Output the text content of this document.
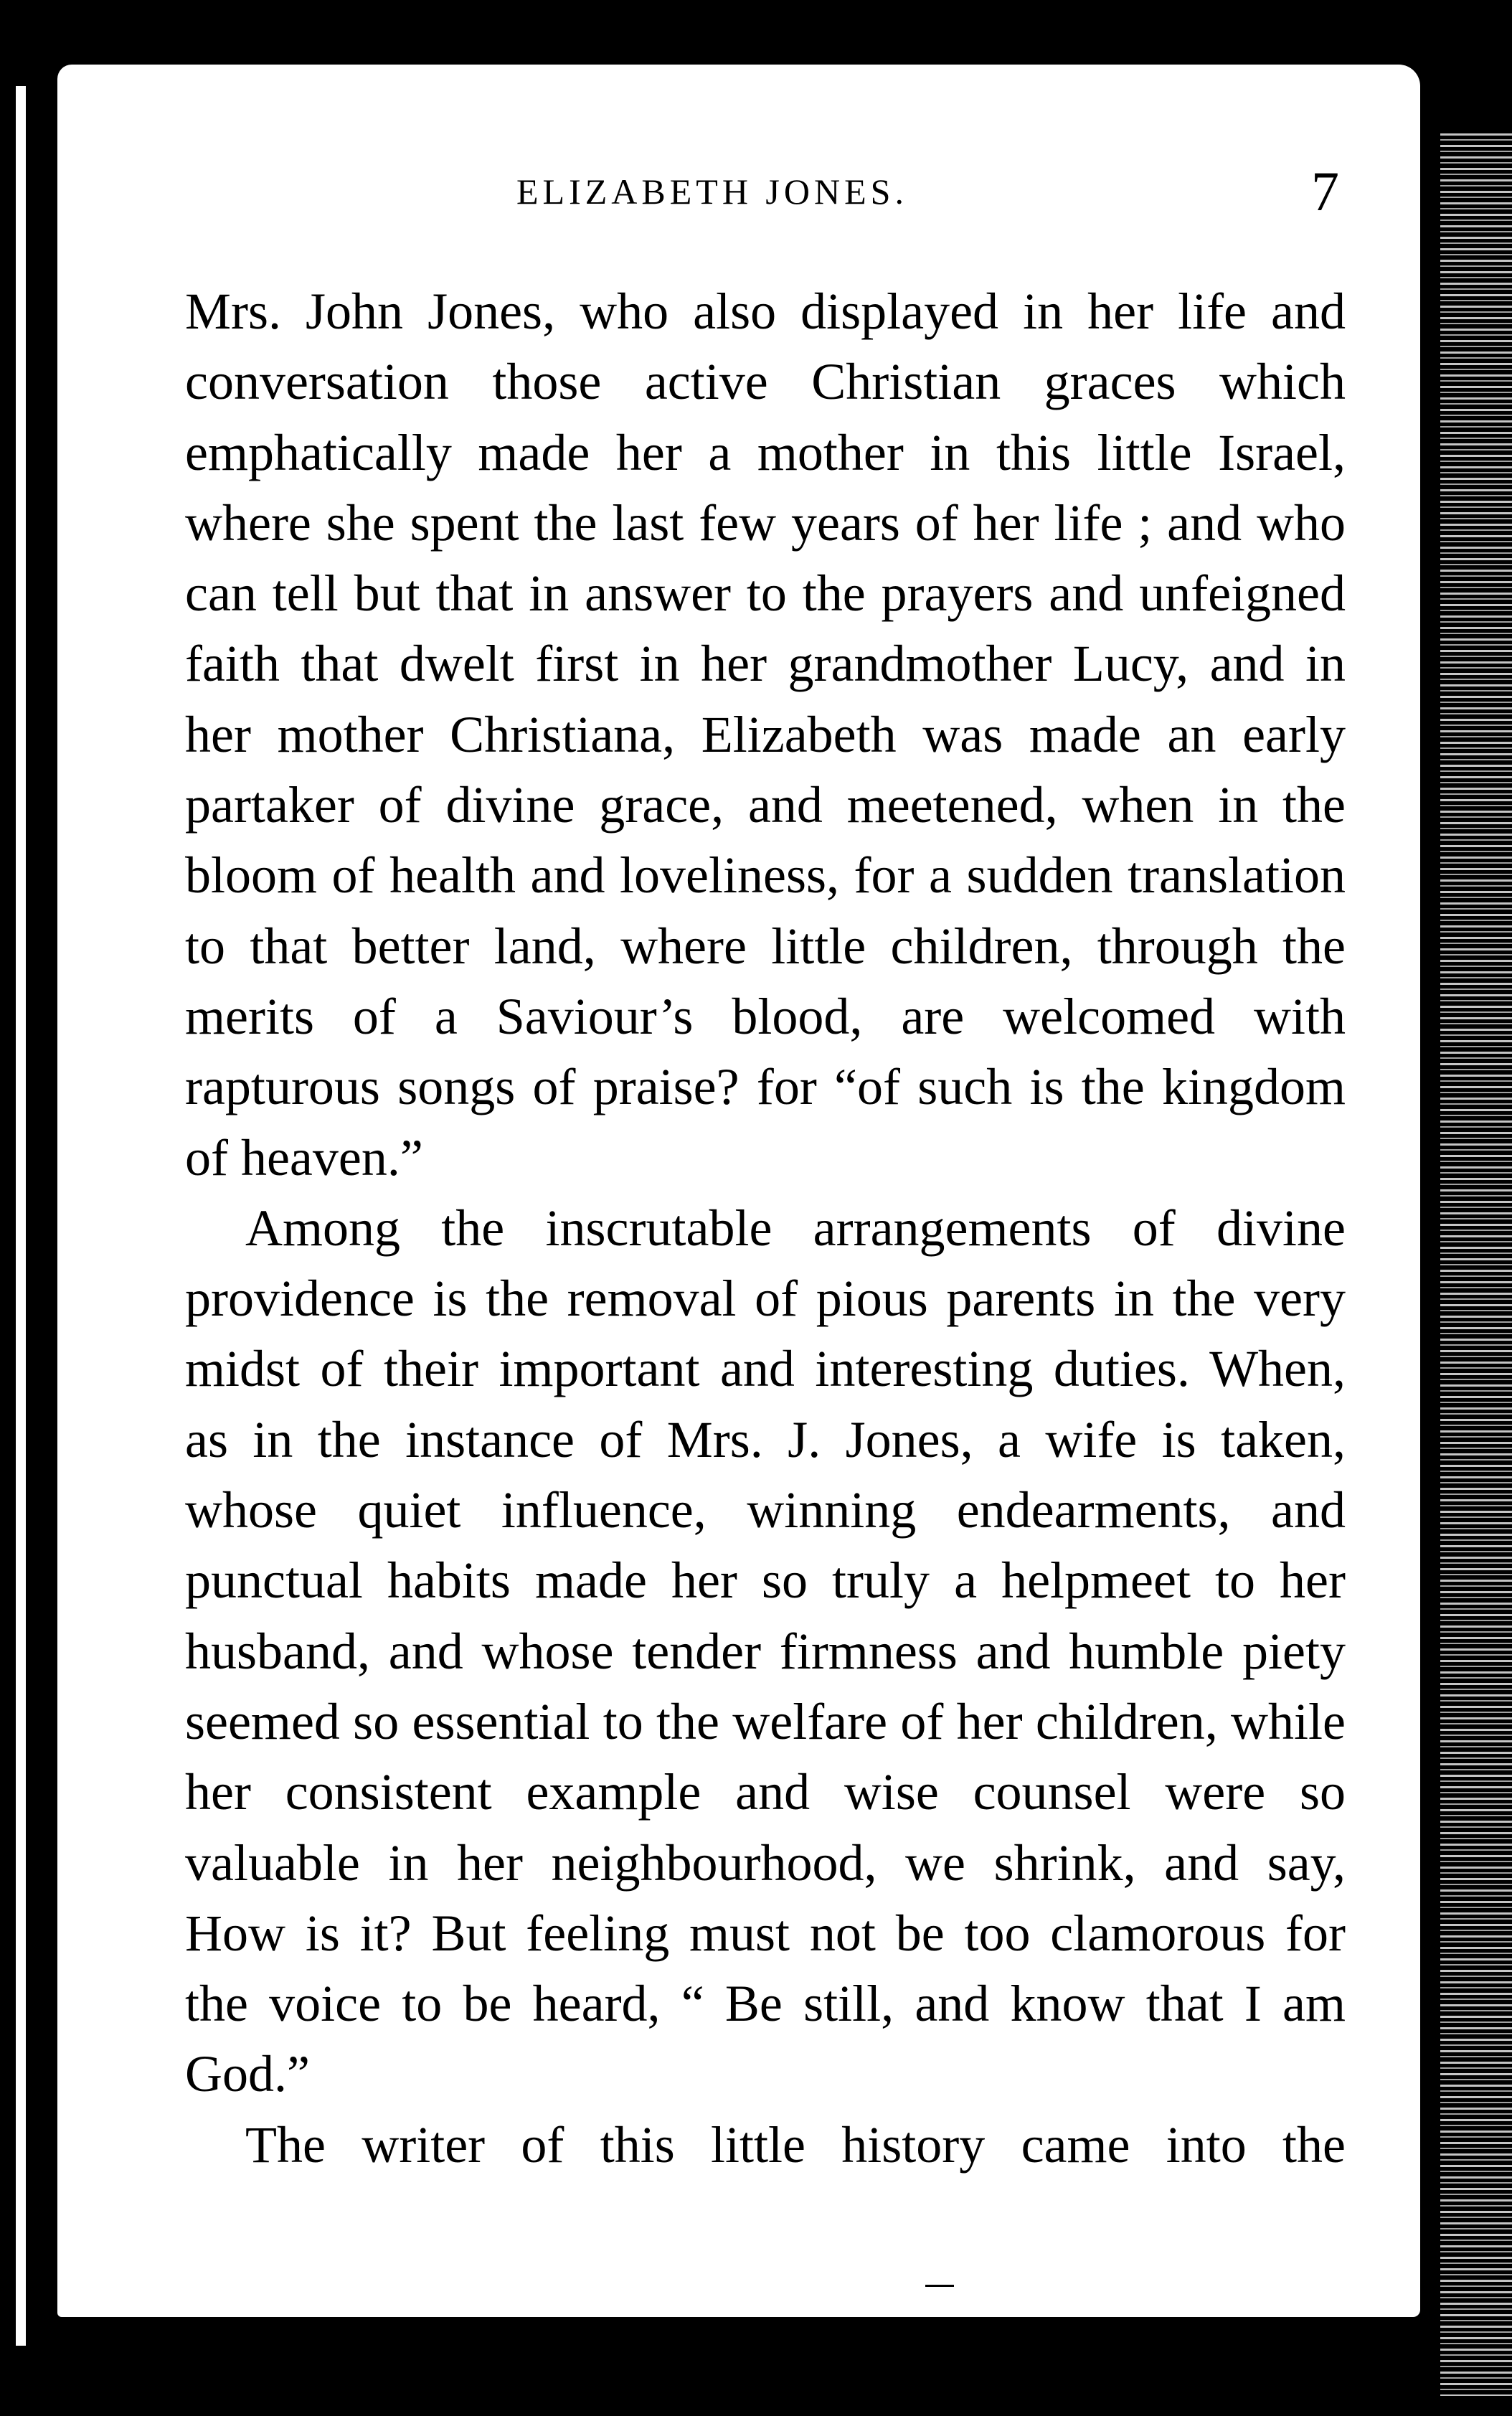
ELIZABETH JONES.	7

Mrs. John Jones, who also displayed in her life and conversation those active Christian graces which emphatically made her a mother in this little Israel, where she spent the last few years of her life ; and who can tell but that in answer to the prayers and unfeigned faith that dwelt first in her grandmother Lucy, and in her mother Christiana, Elizabeth was made an early partaker of divine grace, and meetened, when in the bloom of health and loveliness, for a sudden translation to that better land, where little children, through the merits of a Saviour’s blood, are welcomed with rapturous songs of praise? for “of such is the kingdom of heaven.”

Among the inscrutable arrangements of divine providence is the removal of pious parents in the very midst of their important and interesting duties. When, as in the instance of Mrs. J. Jones, a wife is taken, whose quiet influence, winning endearments, and punctual habits made her so truly a helpmeet to her husband, and whose tender firmness and humble piety seemed so essential to the welfare of her children, while her consistent example and wise counsel were so valuable in her neighbourhood, we shrink, and say, How is it? But feeling must not be too clamorous for the voice to be heard, “ Be still, and know that I am God.”

The writer of this little history came into the
